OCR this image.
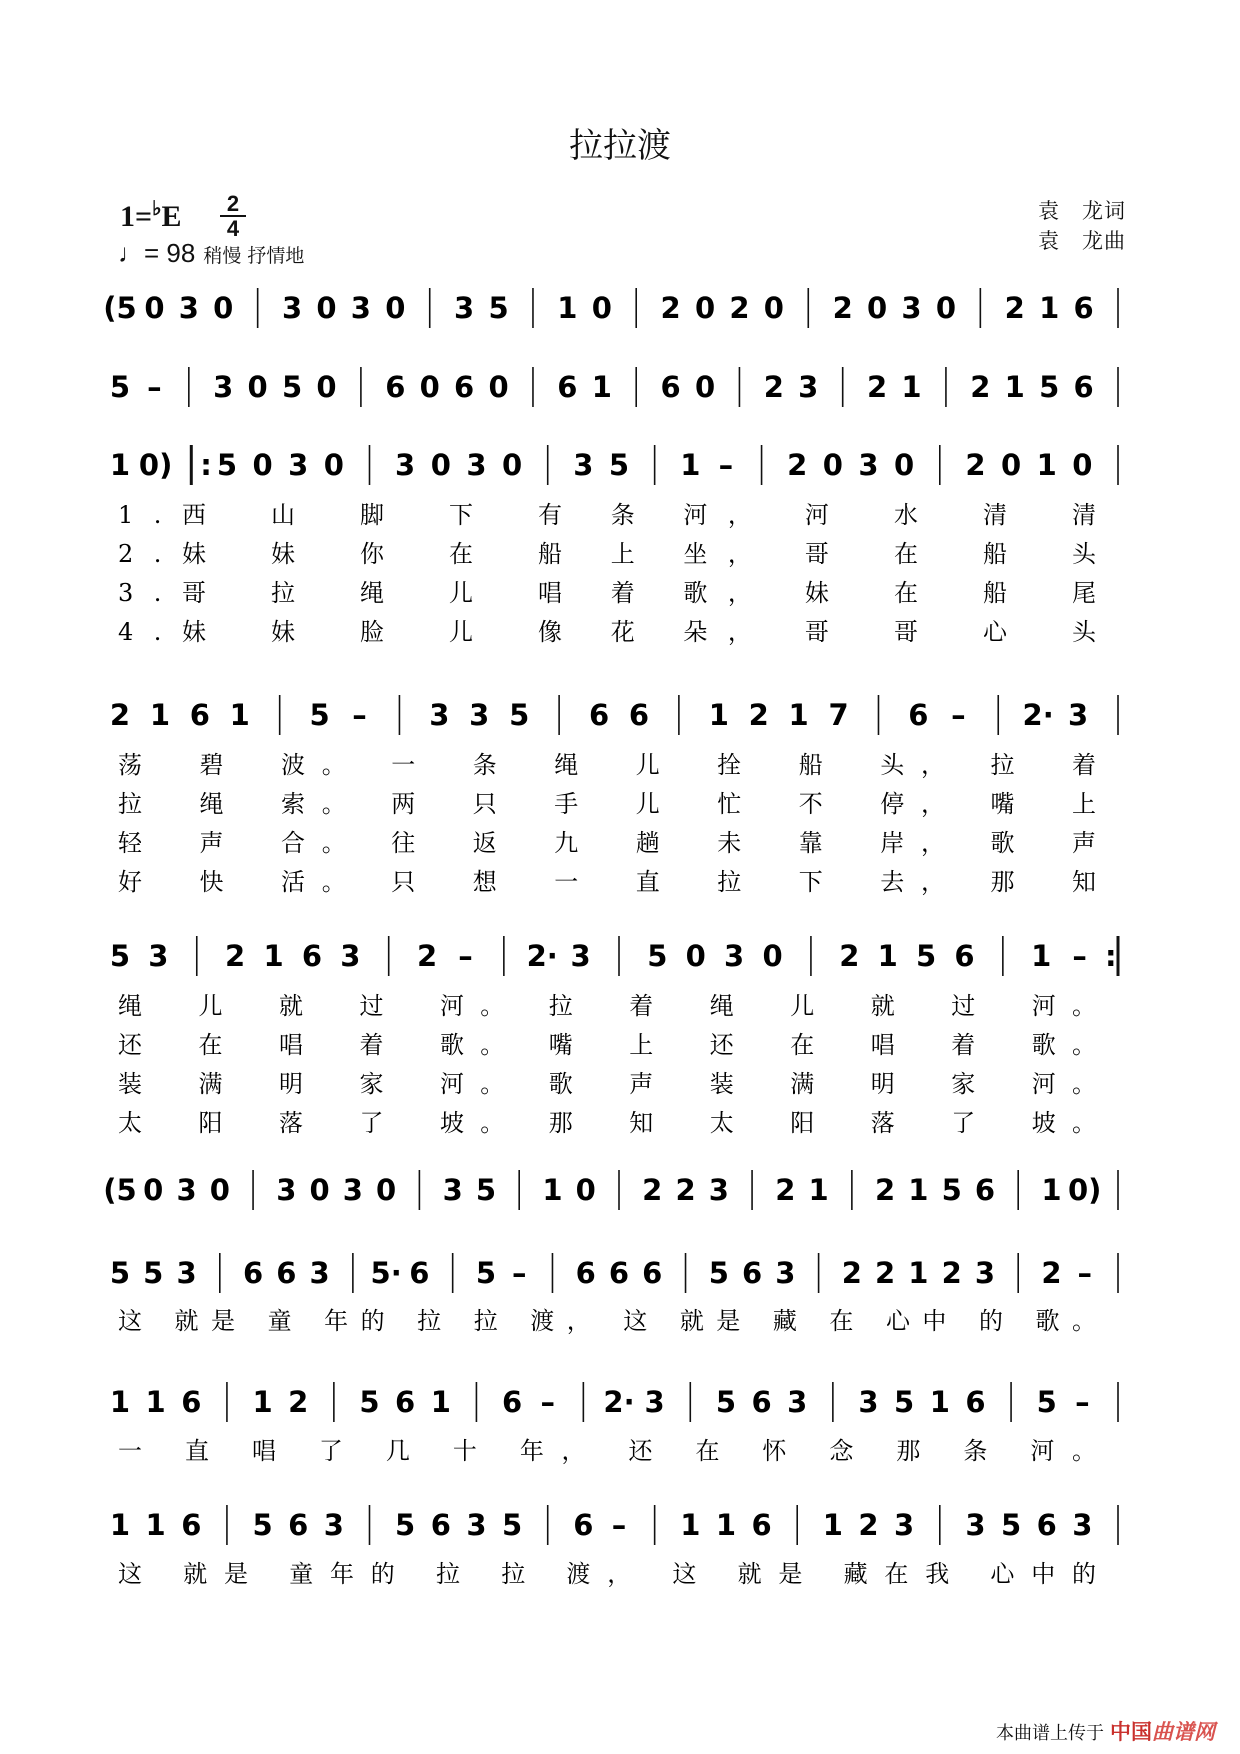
拉拉渡
1=♭E	2
4
♩= 98 稍慢 抒情地
袁　龙词
袁　龙曲
(5 0 3 0 3 0 3 0 3 5 1 0 2 0 2 0 2 0 3 0 2 1 6
5 – 3 0 5 0 6 0 6 0 6 1 6 0 2 3 2 1 2 1 5 6
1 0) : 5 0 3 0 3 0 3 0 3 5 1 – 2 0 3 0 2 0 1 0
1.西　山　脚　下　有 条 河，　河　水　清　清
2.妹　妹　你　在　船 上 坐，　哥　在　船　头
3.哥　拉　绳　儿　唱 着 歌，　妹　在　船　尾
4.妹　妹　脸　儿　像 花 朵，　哥　哥　心　头
2 1 6 1 5 – 3 3 5 6 6 1 2 1 7 6 – 2· 3
荡　碧　波。　一　条　绳　儿　拴　船　头，　拉　着
拉　绳　索。　两　只　手　儿　忙　不　停，　嘴　上
轻　声　合。　往　返　九　趟　未　靠　岸，　歌　声
好　快　活。　只　想　一　直　拉　下　去，　那　知
5 3 2 1 6 3 2 – 2· 3 5 0 3 0 2 1 5 6 1 – :
绳　儿　就　过　河。　拉　着　绳　儿　就　过　河。
还　在　唱　着　歌。　嘴　上　还　在　唱　着　歌。
装　满　明　家　河。　歌　声　装　满　明　家　河。
太　阳　落　了　坡。　那　知　太　阳　落　了　坡。
(5 0 3 0 3 0 3 0 3 5 1 0 2 2 3 2 1 2 1 5 6 1 0)
5 5 3 6 6 3 5· 6 5 – 6 6 6 5 6 3 2 2 1 2 3 2 –
这 就是 童 年的 拉 拉 渡， 这 就是 藏 在 心中 的 歌。
1 1 6 1 2 5 6 1 6 – 2· 3 5 6 3 3 5 1 6 5 –
一 直 唱 了 几 十 年， 还 在 怀 念 那 条 河。
1 1 6 5 6 3 5 6 3 5 6 – 1 1 6 1 2 3 3 5 6 3
这 就是 童年的 拉 拉 渡， 这 就是 藏在我 心中的
本曲谱上传于 中国曲谱网
